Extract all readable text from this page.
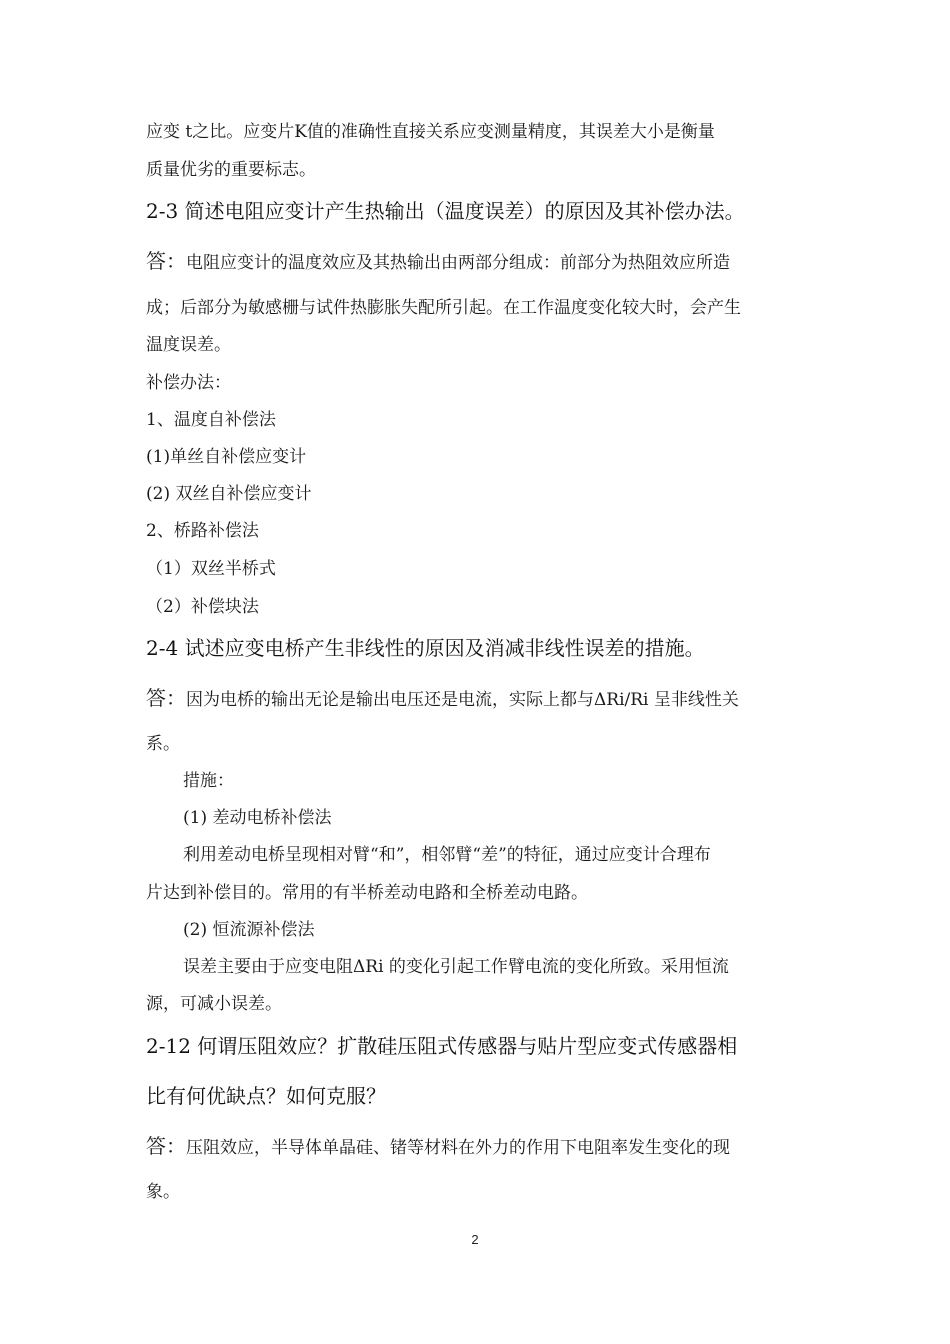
应变 t之比。应变片K值的准确性直接关系应变测量精度，其误差大小是衡量
质量优劣的重要标志。
2-3 简述电阻应变计产生热输出（温度误差）的原因及其补偿办法。
答：电阻应变计的温度效应及其热输出由两部分组成：前部分为热阻效应所造
成；后部分为敏感栅与试件热膨胀失配所引起。在工作温度变化较大时，会产生
温度误差。
补偿办法：
1、温度自补偿法
(1)单丝自补偿应变计
(2) 双丝自补偿应变计
2、桥路补偿法
（1）双丝半桥式
（2）补偿块法
2-4 试述应变电桥产生非线性的原因及消减非线性误差的措施。
答：因为电桥的输出无论是输出电压还是电流，实际上都与ΔRi/Ri 呈非线性关
系。
措施：
(1) 差动电桥补偿法
利用差动电桥呈现相对臂“和”，相邻臂“差”的特征，通过应变计合理布
片达到补偿目的。常用的有半桥差动电路和全桥差动电路。
(2) 恒流源补偿法
误差主要由于应变电阻ΔRi 的变化引起工作臂电流的变化所致。采用恒流
源，可减小误差。
2-12 何谓压阻效应？扩散硅压阻式传感器与贴片型应变式传感器相
比有何优缺点？如何克服？
答：压阻效应，半导体单晶硅、锗等材料在外力的作用下电阻率发生变化的现
象。
2
